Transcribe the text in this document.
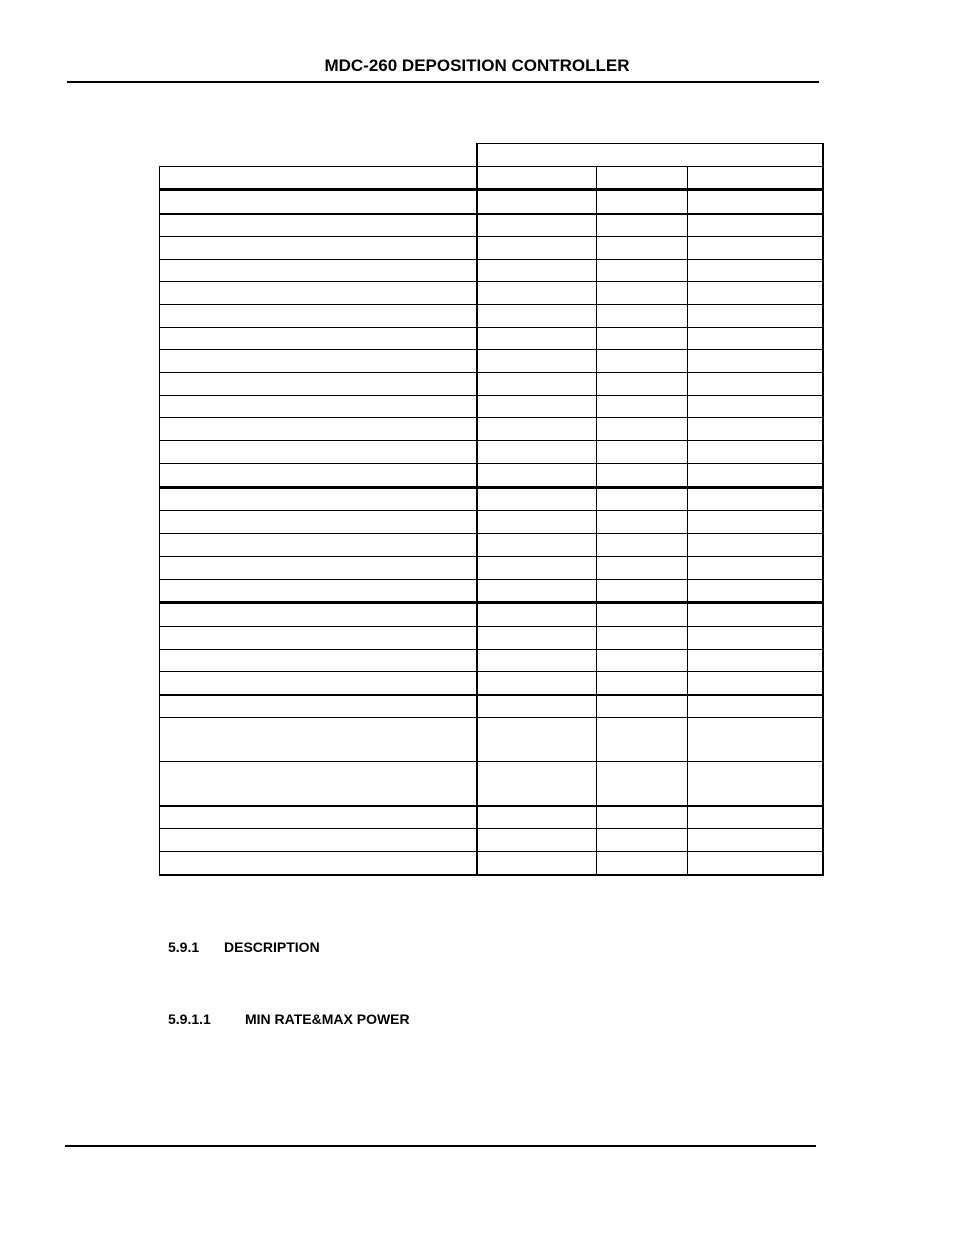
MDC-260 DEPOSITION CONTROLLER
5.9.1 DESCRIPTION
5.9.1.1 MIN RATE&MAX POWER
